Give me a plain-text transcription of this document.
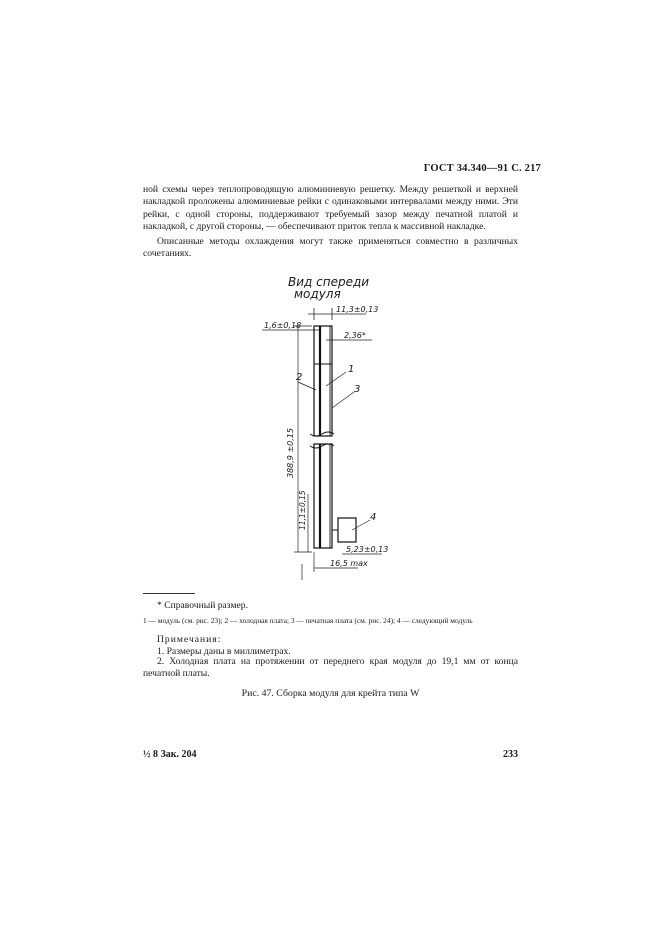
ГОСТ 34.340—91 С. 217
ной схемы через теплопроводящую алюминиевую решетку. Между решеткой и верхней накладкой проложены алюминиевые рейки с одинаковыми интервалами между ними. Эти рейки, с одной стороны, поддерживают требуемый зазор между печатной платой и накладкой, с другой стороны, — обеспечивают приток тепла к массивной накладке.
Описанные методы охлаждения могут также применяться совместно в различных сочетаниях.
Вид спереди
модуля
11,3±0,13
1,6±0,18
2,36*
388,9 ±0,15
11,1±0,15
5,23±0,13
16,5 max
2
1
3
4
* Справочный размер.
1 — модуль (см. рис. 23); 2 — холодная плата; 3 — печатная плата (см. рис. 24); 4 — следующий модуль
Примечания:
1. Размеры даны в миллиметрах.
2. Холодная плата на протяжении от переднего края модуля до 19,1 мм от конца печатной платы.
Рис. 47. Сборка модуля для крейта типа W
½ 8 Зак. 204	233
